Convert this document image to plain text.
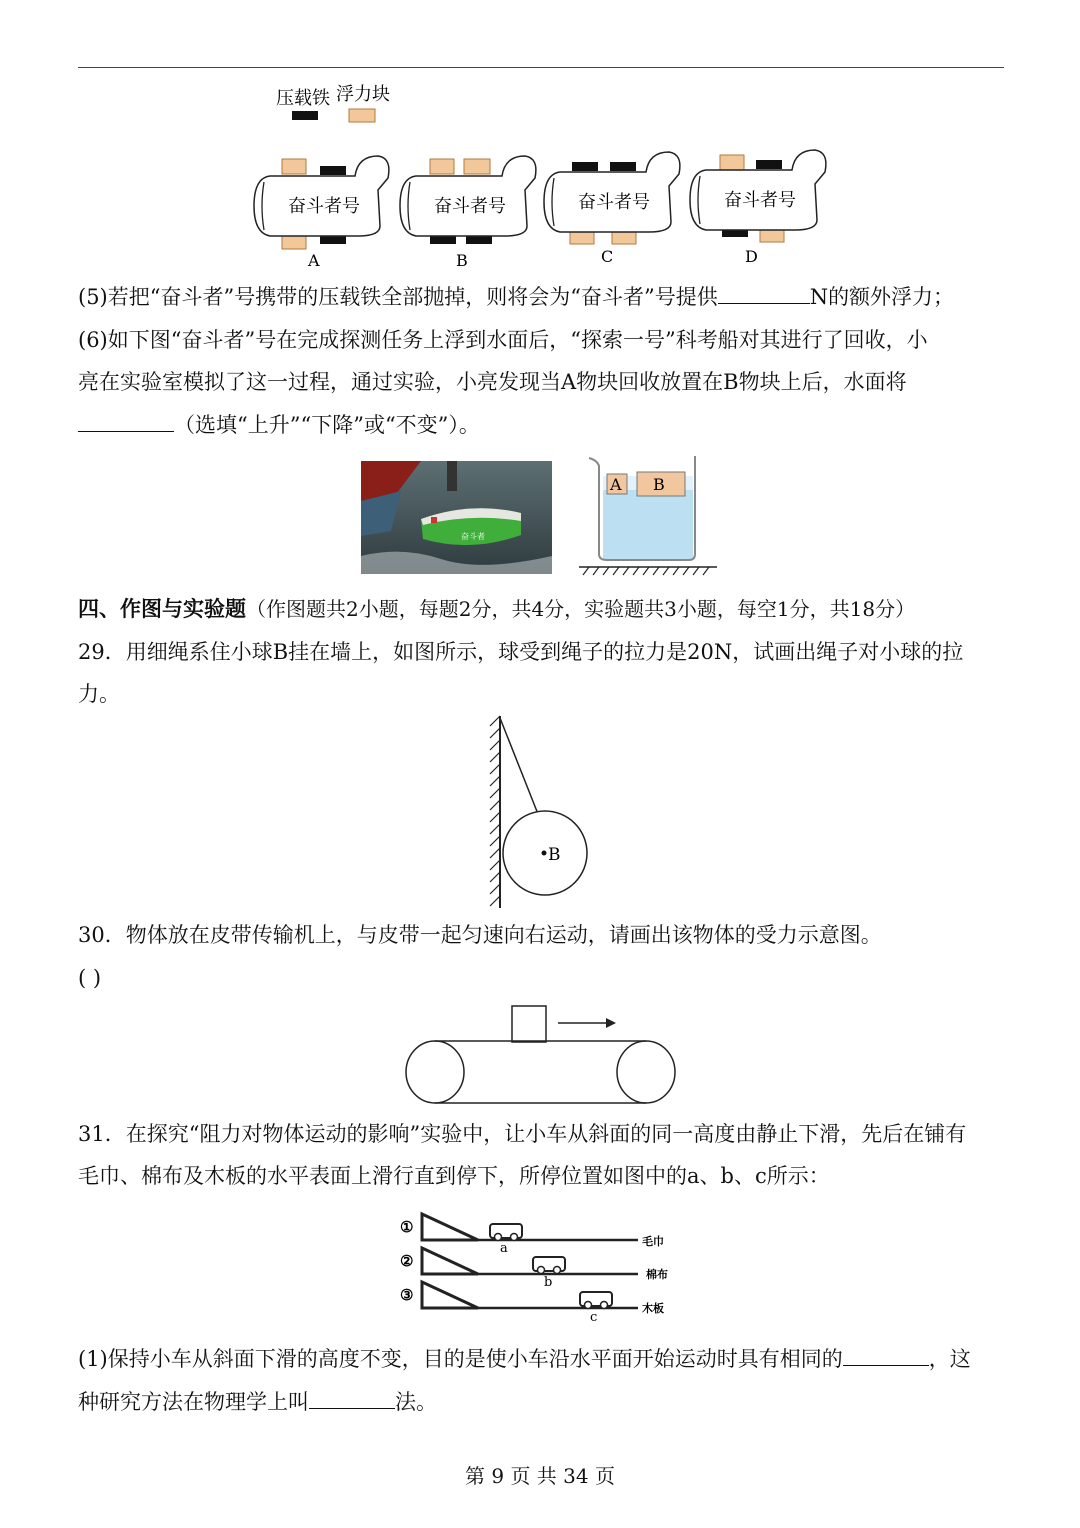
压载铁 浮力块
奋斗者号
A
奋斗者号
B
奋斗者号
C
奋斗者号
D
(5)若把“奋斗者”号携带的压载铁全部抛掉，则将会为“奋斗者”号提供	N的额外浮力；
(6)如下图“奋斗者”号在完成探测任务上浮到水面后，“探索一号”科考船对其进行了回收，小
亮在实验室模拟了这一过程，通过实验，小亮发现当A物块回收放置在B物块上后，水面将
（选填“上升”“下降”或“不变”）。
奋斗者
A B
四、作图与实验题（作图题共2小题，每题2分，共4分，实验题共3小题，每空1分，共18分）
29．用细绳系住小球B挂在墙上，如图所示，球受到绳子的拉力是20N，试画出绳子对小球的拉
力。
B
30．物体放在皮带传输机上，与皮带一起匀速向右运动，请画出该物体的受力示意图。
( )
31．在探究“阻力对物体运动的影响”实验中，让小车从斜面的同一高度由静止下滑，先后在铺有
毛巾、棉布及木板的水平表面上滑行直到停下，所停位置如图中的a、b、c所示：
①
a	毛巾
②
b
棉布
③
c
木板
(1)保持小车从斜面下滑的高度不变，目的是使小车沿水平面开始运动时具有相同的	，这
种研究方法在物理学上叫	法。
第 9 页 共 34 页
